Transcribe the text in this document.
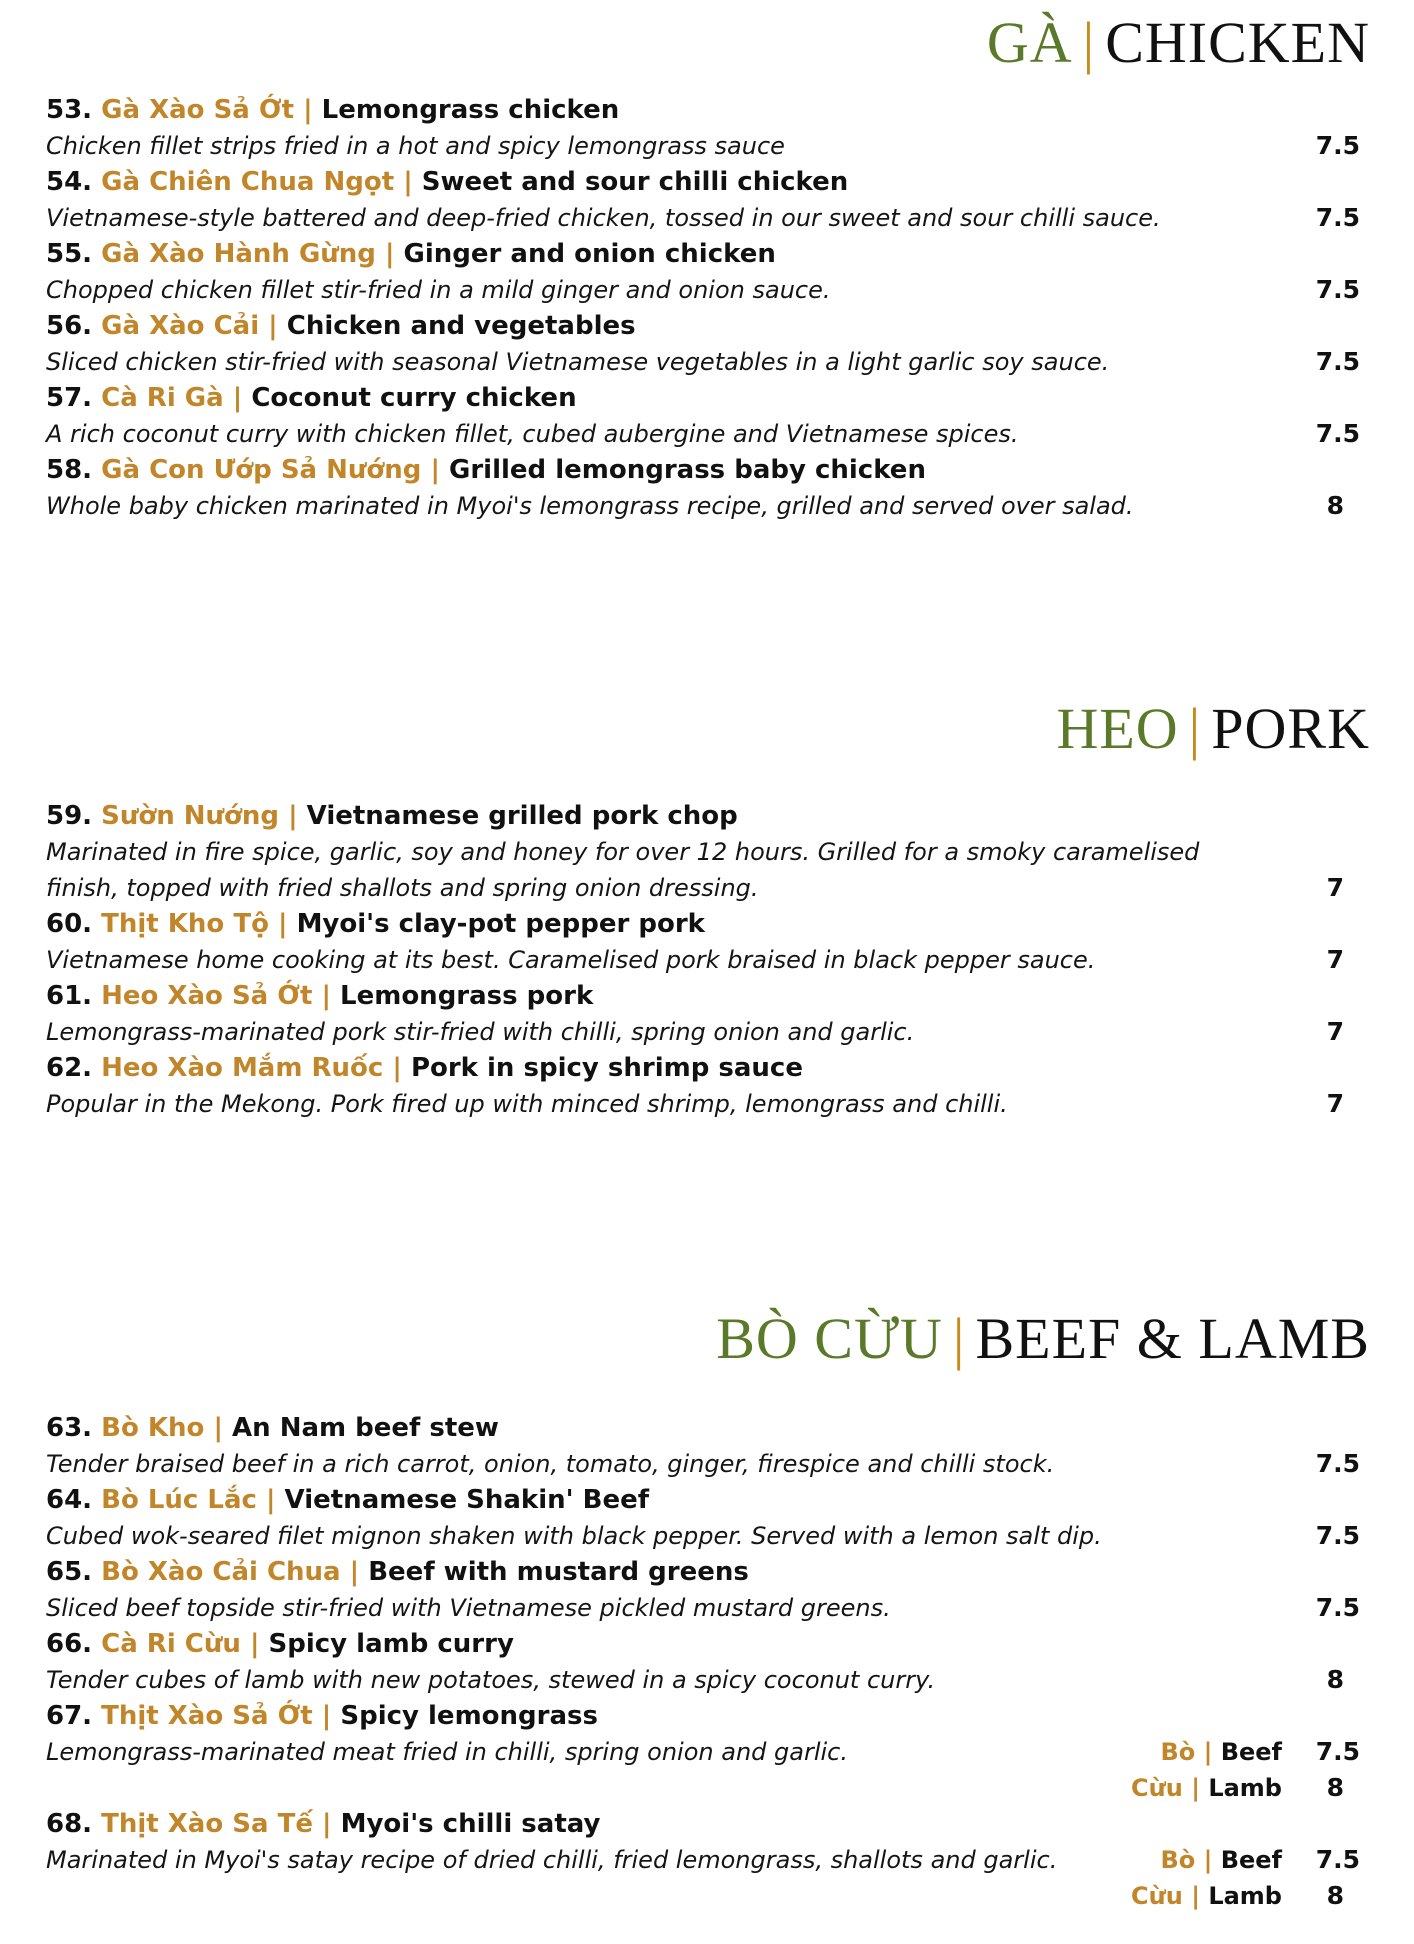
GÀ | CHICKEN
53. Gà Xào Sả Ớt | Lemongrass chicken
Chicken fillet strips fried in a hot and spicy lemongrass sauce	7.5
54. Gà Chiên Chua Ngọt | Sweet and sour chilli chicken
Vietnamese-style battered and deep-fried chicken, tossed in our sweet and sour chilli sauce.	7.5
55. Gà Xào Hành Gừng | Ginger and onion chicken
Chopped chicken fillet stir-fried in a mild ginger and onion sauce.	7.5
56. Gà Xào Cải | Chicken and vegetables
Sliced chicken stir-fried with seasonal Vietnamese vegetables in a light garlic soy sauce.	7.5
57. Cà Ri Gà | Coconut curry chicken
A rich coconut curry with chicken fillet, cubed aubergine and Vietnamese spices.	7.5
58. Gà Con Ướp Sả Nướng | Grilled lemongrass baby chicken
Whole baby chicken marinated in Myoi's lemongrass recipe, grilled and served over salad.	8
HEO | PORK
59. Sườn Nướng | Vietnamese grilled pork chop
Marinated in fire spice, garlic, soy and honey for over 12 hours. Grilled for a smoky caramelised
finish, topped with fried shallots and spring onion dressing.	7
60. Thịt Kho Tộ | Myoi's clay-pot pepper pork
Vietnamese home cooking at its best. Caramelised pork braised in black pepper sauce.	7
61. Heo Xào Sả Ớt | Lemongrass pork
Lemongrass-marinated pork stir-fried with chilli, spring onion and garlic.	7
62. Heo Xào Mắm Ruốc | Pork in spicy shrimp sauce
Popular in the Mekong. Pork fired up with minced shrimp, lemongrass and chilli.	7
BÒ CỪU | BEEF & LAMB
63. Bò Kho | An Nam beef stew
Tender braised beef in a rich carrot, onion, tomato, ginger, firespice and chilli stock.	7.5
64. Bò Lúc Lắc | Vietnamese Shakin' Beef
Cubed wok-seared filet mignon shaken with black pepper. Served with a lemon salt dip.	7.5
65. Bò Xào Cải Chua | Beef with mustard greens
Sliced beef topside stir-fried with Vietnamese pickled mustard greens.	7.5
66. Cà Ri Cừu | Spicy lamb curry
Tender cubes of lamb with new potatoes, stewed in a spicy coconut curry.	8
67. Thịt Xào Sả Ớt | Spicy lemongrass
Lemongrass-marinated meat fried in chilli, spring onion and garlic.	Bò | Beef 7.5
Cừu | Lamb 8
68. Thịt Xào Sa Tế | Myoi's chilli satay
Marinated in Myoi's satay recipe of dried chilli, fried lemongrass, shallots and garlic.	Bò | Beef 7.5
Cừu | Lamb 8
